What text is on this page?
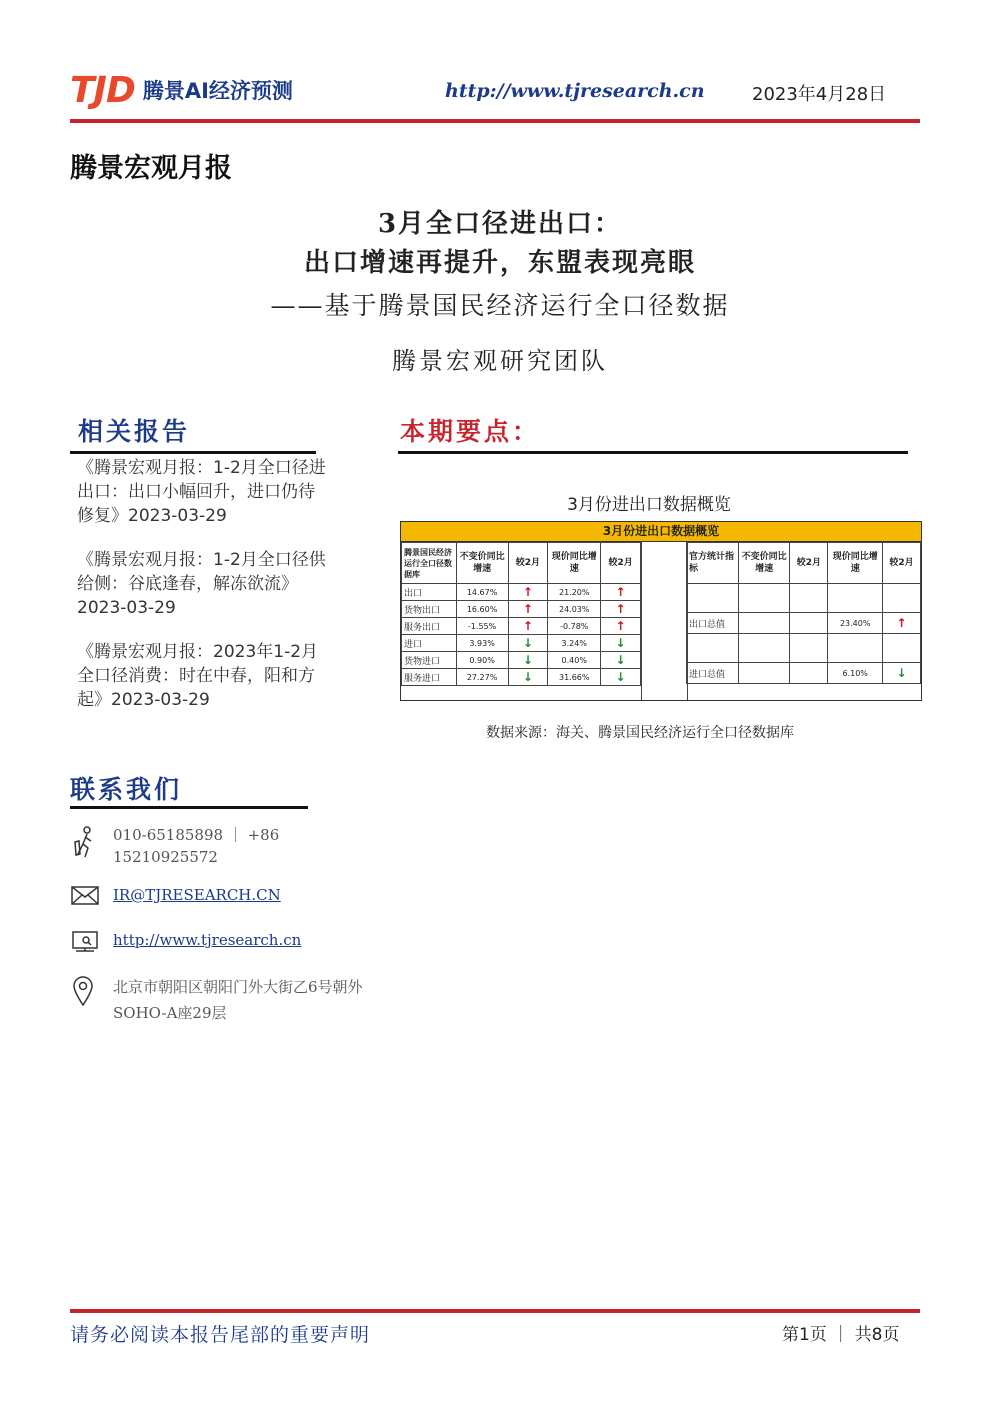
TJD 腾景AI经济预测	http://www.tjresearch.cn	2023年4月28日
腾景宏观月报
3月全口径进出口：
出口增速再提升，东盟表现亮眼
——基于腾景国民经济运行全口径数据
腾景宏观研究团队
相关报告
《腾景宏观月报：1-2月全口径进出口：出口小幅回升，进口仍待修复》2023-03-29
《腾景宏观月报：1-2月全口径供给侧：谷底逢春，解冻欲流》2023-03-29
《腾景宏观月报：2023年1-2月全口径消费：时在中春，阳和方起》2023-03-29
联系我们
010-65185898 ｜ +86 15210925572
IR@TJRESEARCH.CN
http://www.tjresearch.cn
北京市朝阳区朝阳门外大街乙6号朝外SOHO-A座29层
本期要点：
3月份进出口数据概览
3月份进出口数据概览
腾景国民经济运行全口径数据库	不变价同比增速	较2月	现价同比增速	较2月
出口	14.67%	↑	21.20%	↑
货物出口	16.60%	↑	24.03%	↑
服务出口	-1.55%	↑	-0.78%	↑
进口	3.93%	↓	3.24%	↓
货物进口	0.90%	↓	0.40%	↓
服务进口	27.27%	↓	31.66%	↓
官方统计指标	不变价同比增速	较2月	现价同比增速	较2月

出口总值			23.40%	↑

进口总值			6.10%	↓
数据来源：海关、腾景国民经济运行全口径数据库
请务必阅读本报告尾部的重要声明	第1页 ｜ 共8页
